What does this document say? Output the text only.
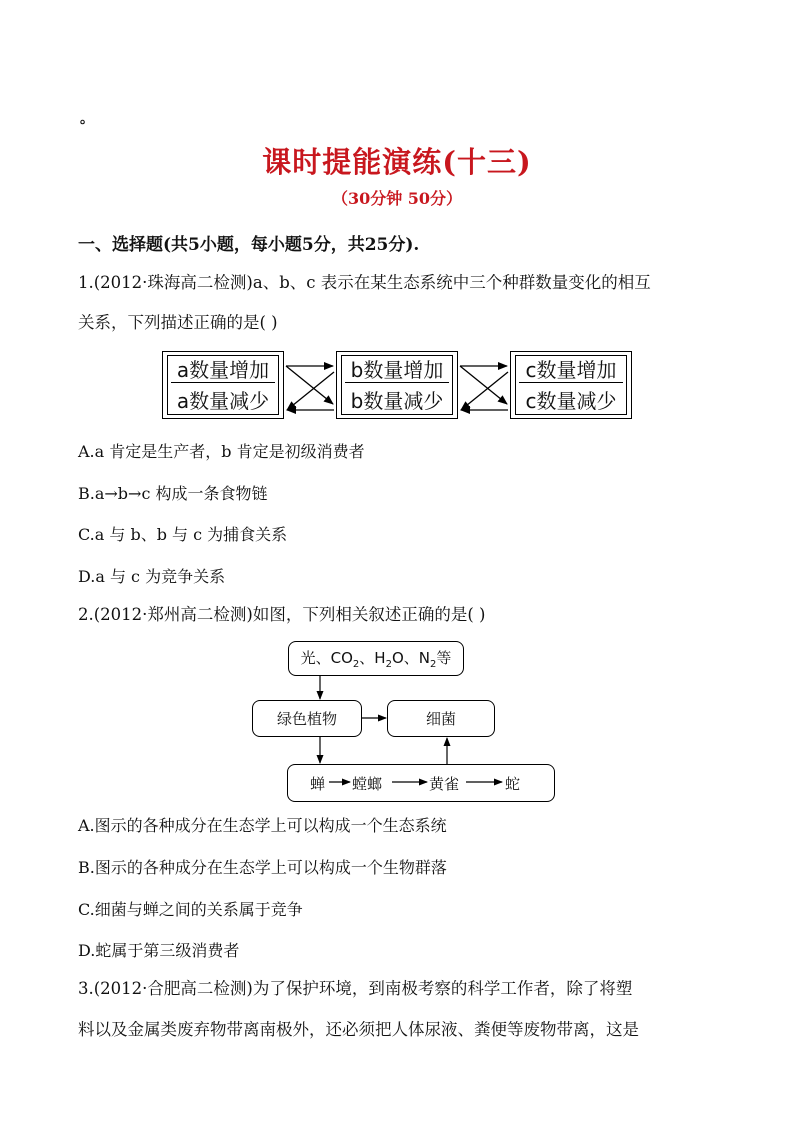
。
课时提能演练(十三)
（30分钟 50分）
一、选择题(共5小题，每小题5分，共25分).
1.(2012·珠海高二检测)a、b、c 表示在某生态系统中三个种群数量变化的相互
关系，下列描述正确的是( )
a数量增加
a数量减少
b数量增加
b数量减少
c数量增加
c数量减少
A.a 肯定是生产者，b 肯定是初级消费者
B.a→b→c 构成一条食物链
C.a 与 b、b 与 c 为捕食关系
D.a 与 c 为竞争关系
2.(2012·郑州高二检测)如图，下列相关叙述正确的是( )
光、$CO_2$、$H_2O$、$N_2$等
绿色植物	细菌
蝉 螳螂	黄雀	蛇
A.图示的各种成分在生态学上可以构成一个生态系统
B.图示的各种成分在生态学上可以构成一个生物群落
C.细菌与蝉之间的关系属于竞争
D.蛇属于第三级消费者
3.(2012·合肥高二检测)为了保护环境，到南极考察的科学工作者，除了将塑
料以及金属类废弃物带离南极外，还必须把人体尿液、粪便等废物带离，这是
